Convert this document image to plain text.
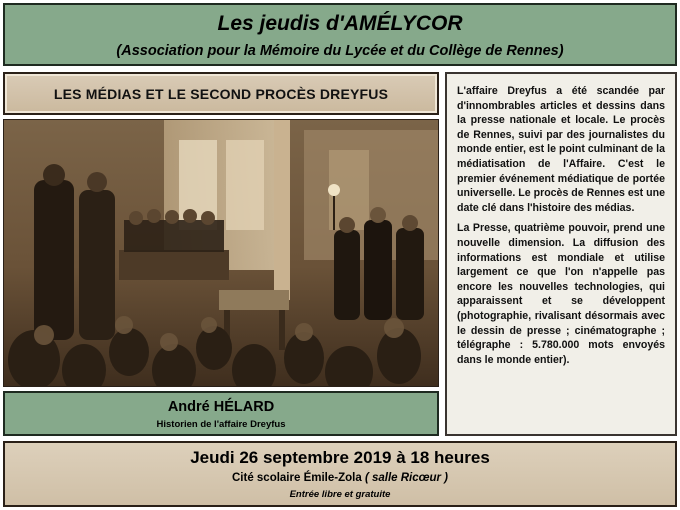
Les jeudis d'AMÉLYCOR
(Association pour la Mémoire du Lycée et du Collège de Rennes)
LES MÉDIAS ET LE SECOND PROCÈS DREYFUS
André HÉLARD
Historien de l'affaire Dreyfus

L'affaire Dreyfus a été scandée par d'innombrables articles et dessins dans la presse nationale et locale. Le procès de Rennes, suivi par des journalistes du monde entier, est le point culminant de la médiatisation de l'Affaire. C'est le premier événement médiatique de portée universelle. Le procès de Rennes est une date clé dans l'histoire des médias.

La Presse, quatrième pouvoir, prend une nouvelle dimension. La diffusion des informations est mondiale et utilise largement ce que l'on n'appelle pas encore les nouvelles technologies, qui apparaissent et se développent (photographie, rivalisant désormais avec le dessin de presse ; cinématographe ; télégraphe : 5.780.000 mots envoyés dans le monde entier).

Jeudi 26 septembre 2019 à 18 heures
Cité scolaire Émile-Zola ( salle Ricœur )
Entrée libre et gratuite
